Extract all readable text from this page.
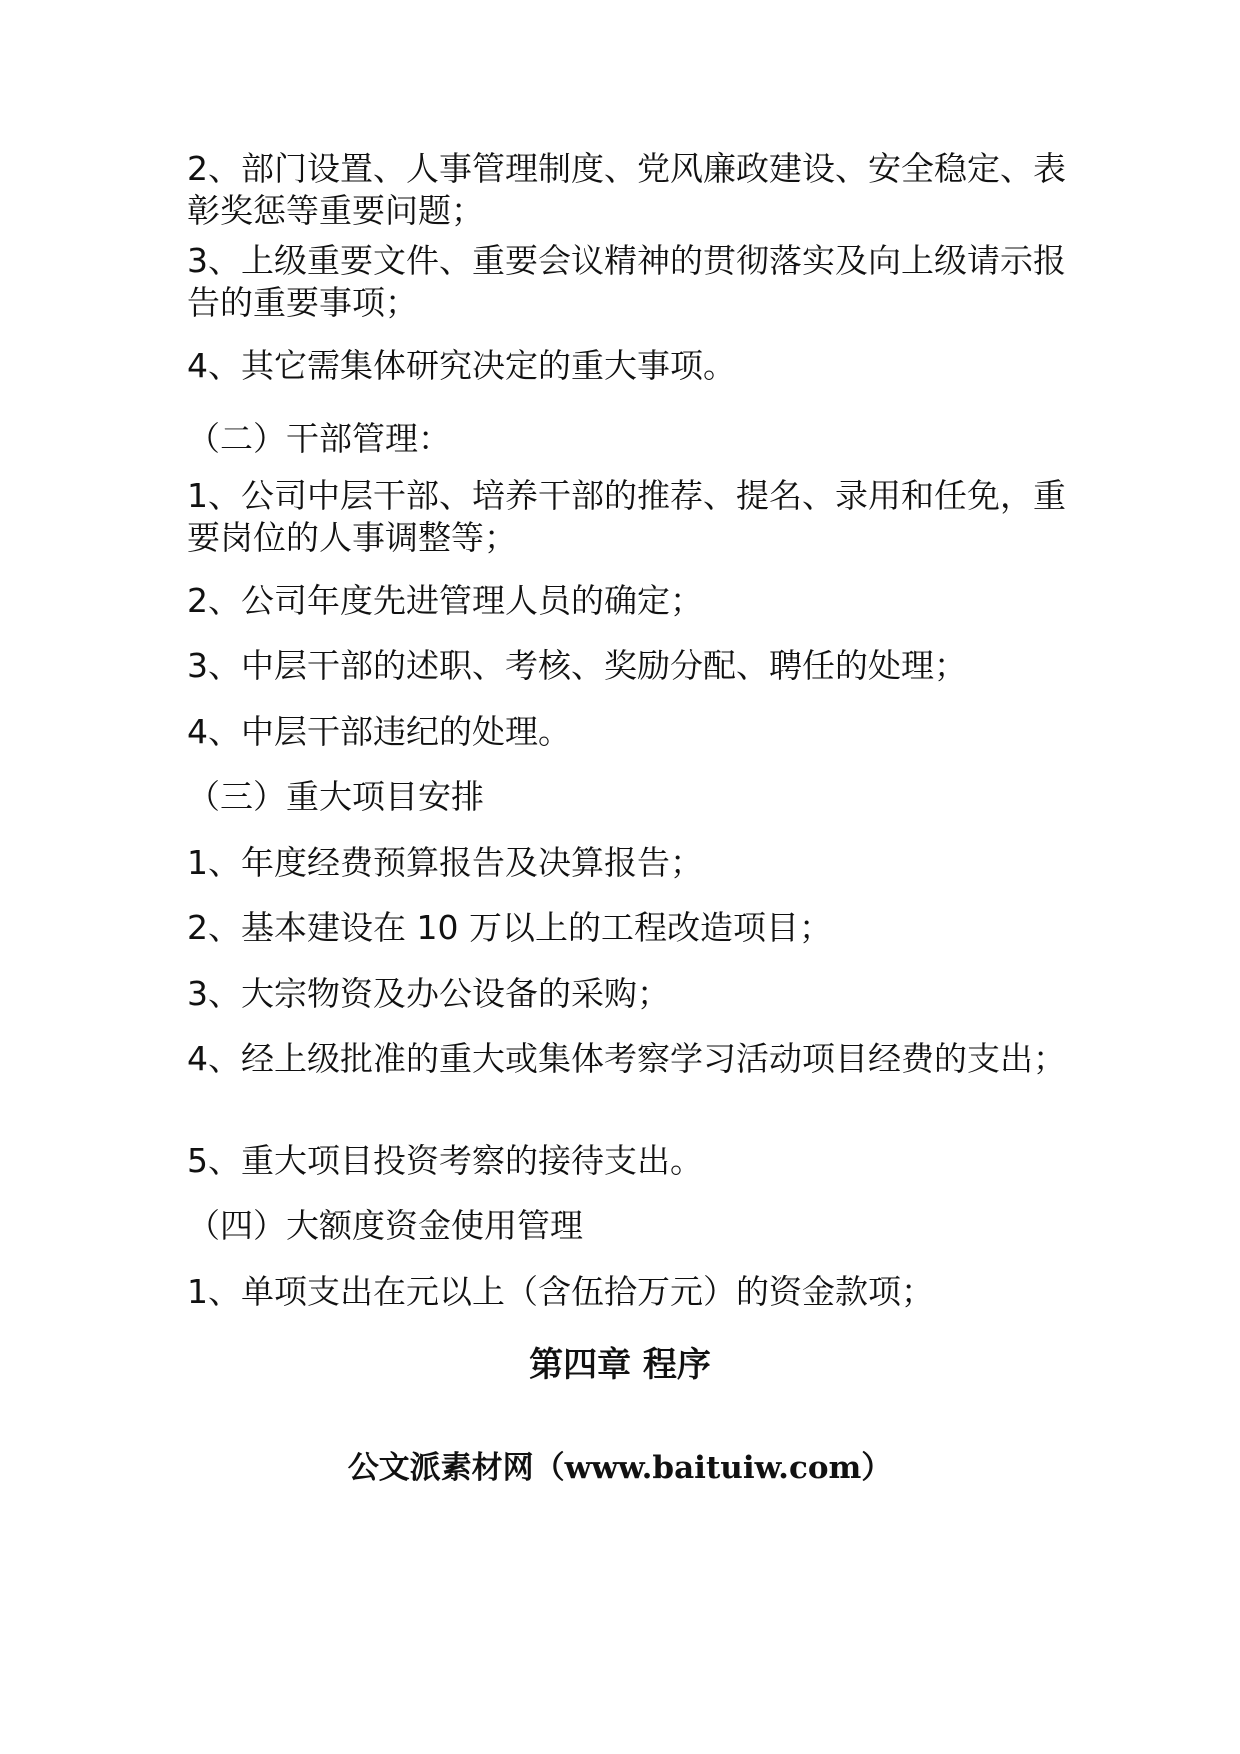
2、部门设置、人事管理制度、党风廉政建设、安全稳定、表彰奖惩等重要问题；

3、上级重要文件、重要会议精神的贯彻落实及向上级请示报告的重要事项；

4、其它需集体研究决定的重大事项。

（二）干部管理：

1、公司中层干部、培养干部的推荐、提名、录用和任免，重要岗位的人事调整等；

2、公司年度先进管理人员的确定；

3、中层干部的述职、考核、奖励分配、聘任的处理；

4、中层干部违纪的处理。

（三）重大项目安排

1、年度经费预算报告及决算报告；

2、基本建设在 10 万以上的工程改造项目；

3、大宗物资及办公设备的采购；

4、经上级批准的重大或集体考察学习活动项目经费的支出；

5、重大项目投资考察的接待支出。

（四）大额度资金使用管理

1、单项支出在元以上（含伍拾万元）的资金款项；

第四章 程序

公文派素材网（www.baituiw.com）
